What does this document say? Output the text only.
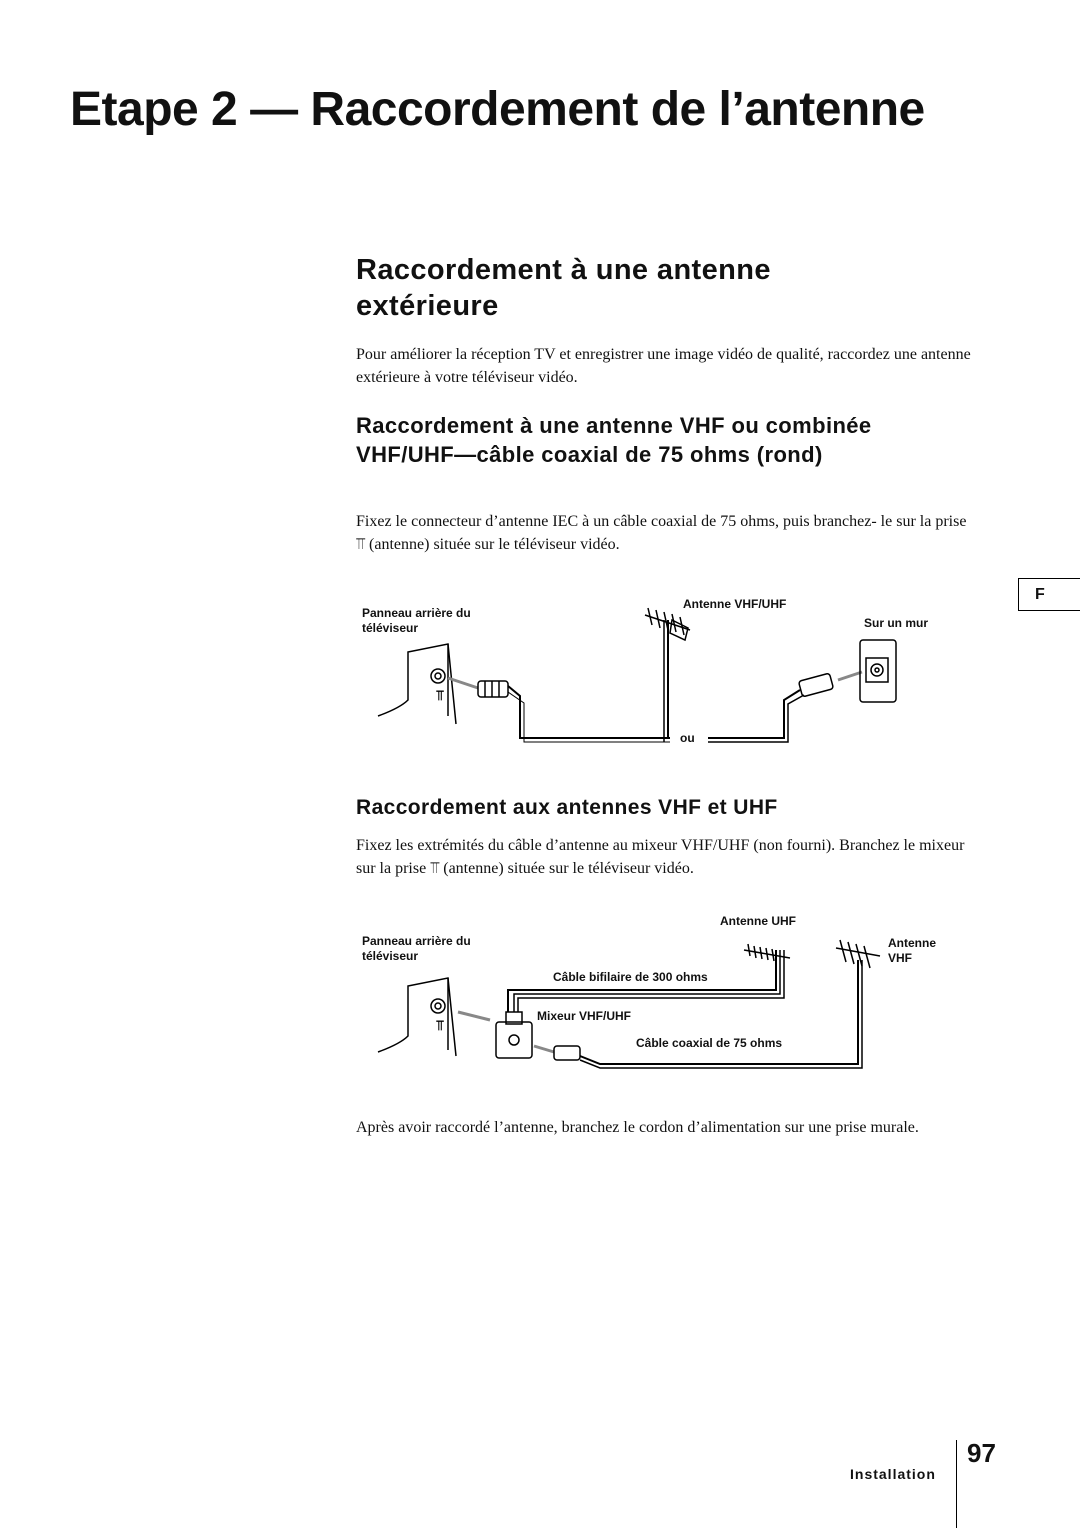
Etape 2 — Raccordement de l’antenne
Raccordement à une antenne extérieure
Pour améliorer la réception TV et enregistrer une image vidéo de qualité, raccordez une antenne extérieure à votre téléviseur vidéo.
Raccordement à une antenne VHF ou combinée VHF/UHF—câble coaxial de 75 ohms (rond)
Fixez le connecteur d’antenne IEC à un câble coaxial de 75 ohms, puis branchez- le sur la prise ⫪ (antenne) située sur le téléviseur vidéo.
Panneau arrière du téléviseur
Antenne VHF/UHF
Sur un mur
ou
⫪
Raccordement aux antennes VHF et UHF
Fixez les extrémités du câble d’antenne au mixeur VHF/UHF (non fourni). Branchez le mixeur sur la prise ⫪ (antenne) située sur le téléviseur vidéo.
Panneau arrière du téléviseur
Antenne UHF
Antenne VHF
Câble bifilaire de 300 ohms
Mixeur VHF/UHF
Câble coaxial de 75 ohms
⫪
Après avoir raccordé l’antenne, branchez le cordon d’alimentation sur une prise murale.
F
Installation
97
